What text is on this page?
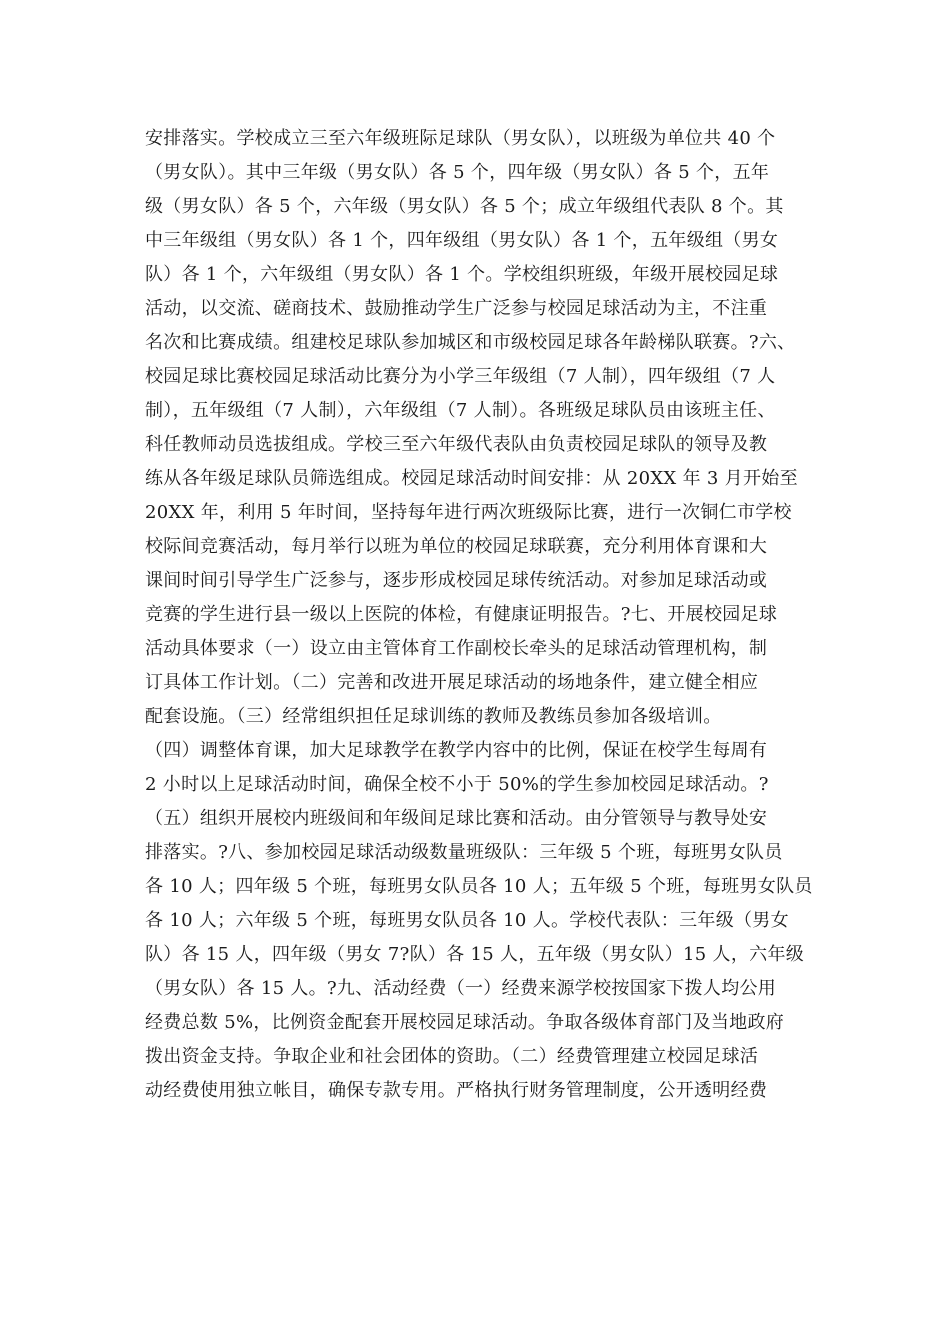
安排落实。学校成立三至六年级班际足球队（男女队），以班级为单位共 40 个

（男女队）。其中三年级（男女队）各 5 个，四年级（男女队）各 5 个，五年

级（男女队）各 5 个，六年级（男女队）各 5 个；成立年级组代表队 8 个。其

中三年级组（男女队）各 1 个，四年级组（男女队）各 1 个，五年级组（男女

队）各 1 个，六年级组（男女队）各 1 个。学校组织班级，年级开展校园足球

活动，以交流、磋商技术、鼓励推动学生广泛参与校园足球活动为主，不注重

名次和比赛成绩。组建校足球队参加城区和市级校园足球各年龄梯队联赛。?六、

校园足球比赛校园足球活动比赛分为小学三年级组（7 人制），四年级组（7 人

制），五年级组（7 人制），六年级组（7 人制）。各班级足球队员由该班主任、

科任教师动员选拔组成。学校三至六年级代表队由负责校园足球队的领导及教

练从各年级足球队员筛选组成。校园足球活动时间安排：从 20XX 年 3 月开始至

20XX 年，利用 5 年时间，坚持每年进行两次班级际比赛，进行一次铜仁市学校

校际间竞赛活动，每月举行以班为单位的校园足球联赛，充分利用体育课和大

课间时间引导学生广泛参与，逐步形成校园足球传统活动。对参加足球活动或

竞赛的学生进行县一级以上医院的体检，有健康证明报告。?七、开展校园足球

活动具体要求（一）设立由主管体育工作副校长牵头的足球活动管理机构，制

订具体工作计划。（二）完善和改进开展足球活动的场地条件，建立健全相应

配套设施。（三）经常组织担任足球训练的教师及教练员参加各级培训。

（四）调整体育课，加大足球教学在教学内容中的比例，保证在校学生每周有

2 小时以上足球活动时间，确保全校不小于 50%的学生参加校园足球活动。?

（五）组织开展校内班级间和年级间足球比赛和活动。由分管领导与教导处安

排落实。?八、参加校园足球活动级数量班级队：三年级 5 个班，每班男女队员

各 10 人；四年级 5 个班，每班男女队员各 10 人；五年级 5 个班，每班男女队员

各 10 人；六年级 5 个班，每班男女队员各 10 人。学校代表队：三年级（男女

队）各 15 人，四年级（男女 7?队）各 15 人，五年级（男女队）15 人，六年级

（男女队）各 15 人。?九、活动经费（一）经费来源学校按国家下拨人均公用

经费总数 5%，比例资金配套开展校园足球活动。争取各级体育部门及当地政府

拨出资金支持。争取企业和社会团体的资助。（二）经费管理建立校园足球活

动经费使用独立帐目，确保专款专用。严格执行财务管理制度，公开透明经费
